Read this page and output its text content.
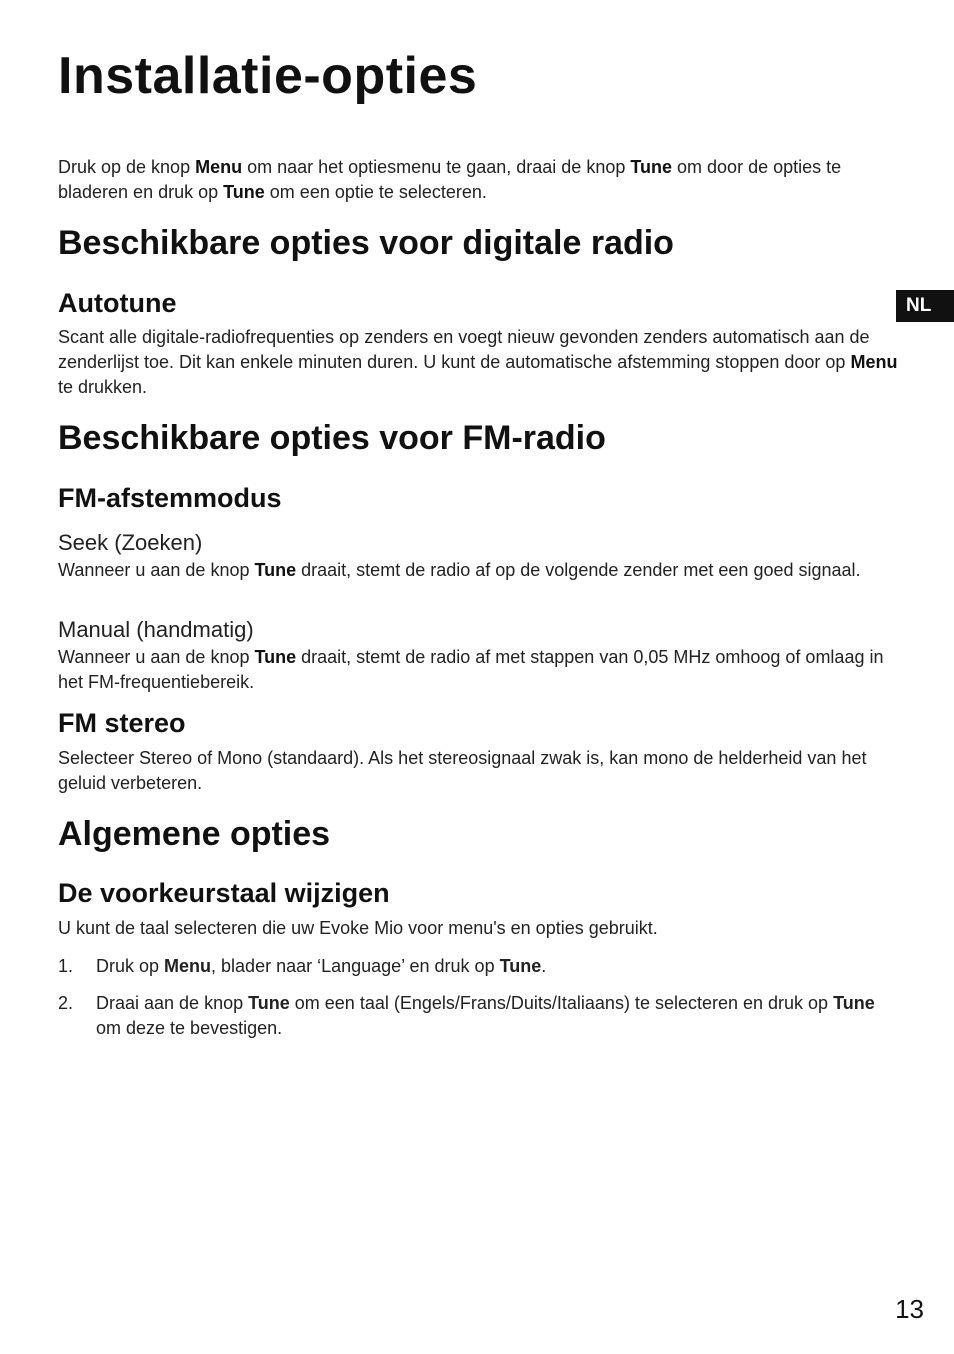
NL
Installatie-opties

Druk op de knop Menu om naar het optiesmenu te gaan, draai de knop Tune om door de opties te bladeren en druk op Tune om een optie te selecteren.

Beschikbare opties voor digitale radio
Autotune

Scant alle digitale-radiofrequenties op zenders en voegt nieuw gevonden zenders automatisch aan de zenderlijst toe. Dit kan enkele minuten duren. U kunt de automatische afstemming stoppen door op Menu te drukken.

Beschikbare opties voor FM-radio
FM-afstemmodus

Seek (Zoeken)

Wanneer u aan de knop Tune draait, stemt de radio af op de volgende zender met een goed signaal.

Manual (handmatig)

Wanneer u aan de knop Tune draait, stemt de radio af met stappen van 0,05 MHz omhoog of omlaag in het FM-frequentiebereik.

FM stereo

Selecteer Stereo of Mono (standaard). Als het stereosignaal zwak is, kan mono de helderheid van het geluid verbeteren.

Algemene opties
De voorkeurstaal wijzigen

U kunt de taal selecteren die uw Evoke Mio voor menu's en opties gebruikt.

1.	Druk op Menu, blader naar ‘Language’ en druk op Tune.
2.	Draai aan de knop Tune om een taal (Engels/Frans/Duits/Italiaans) te selecteren en druk op Tune om deze te bevestigen.
13
